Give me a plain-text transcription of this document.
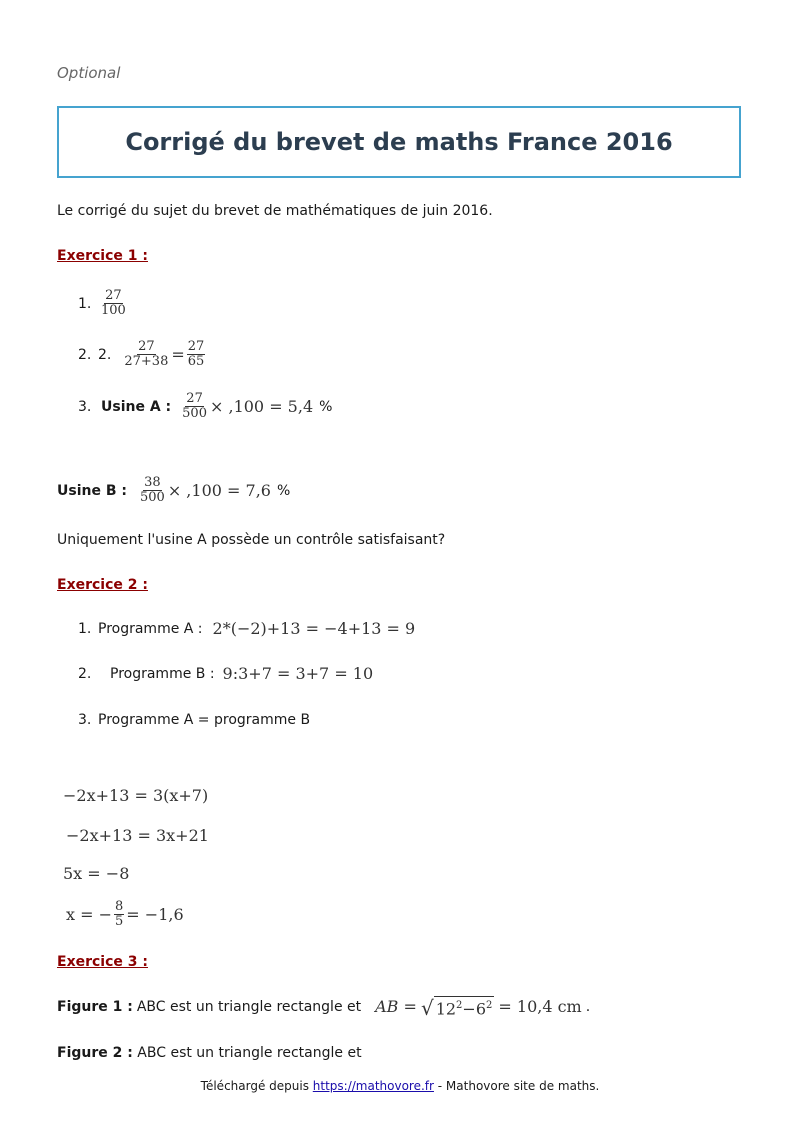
Optional
Corrigé du brevet de maths France 2016
Le corrigé du sujet du brevet de mathématiques de juin 2016.
Exercice 1 :
1. $\frac{27}{100}$
2. 2. $\frac{27}{27+38} = \frac{27}{65}$
3. Usine A : $\frac{27}{500} \times ,100 = 5,4$ %
Usine B : $\frac{38}{500} \times ,100 = 7,6$ %
Uniquement l'usine A possède un contrôle satisfaisant?
Exercice 2 :
1. Programme A : 2*(−2)+13 = −4+13 = 9
2.	Programme B : 9:3+7 = 3+7 = 10
3. Programme A = programme B
−2x+13 = 3(x+7)
−2x+13 = 3x+21
5x = −8
x = − $\frac{8}{5} = -1,6$
Exercice 3 :
Figure 1 : ABC est un triangle rectangle et AB = √ $12^2-6^2 = 10,4$ cm .
Figure 2 : ABC est un triangle rectangle et
Téléchargé depuis https://mathovore.fr - Mathovore site de maths.
